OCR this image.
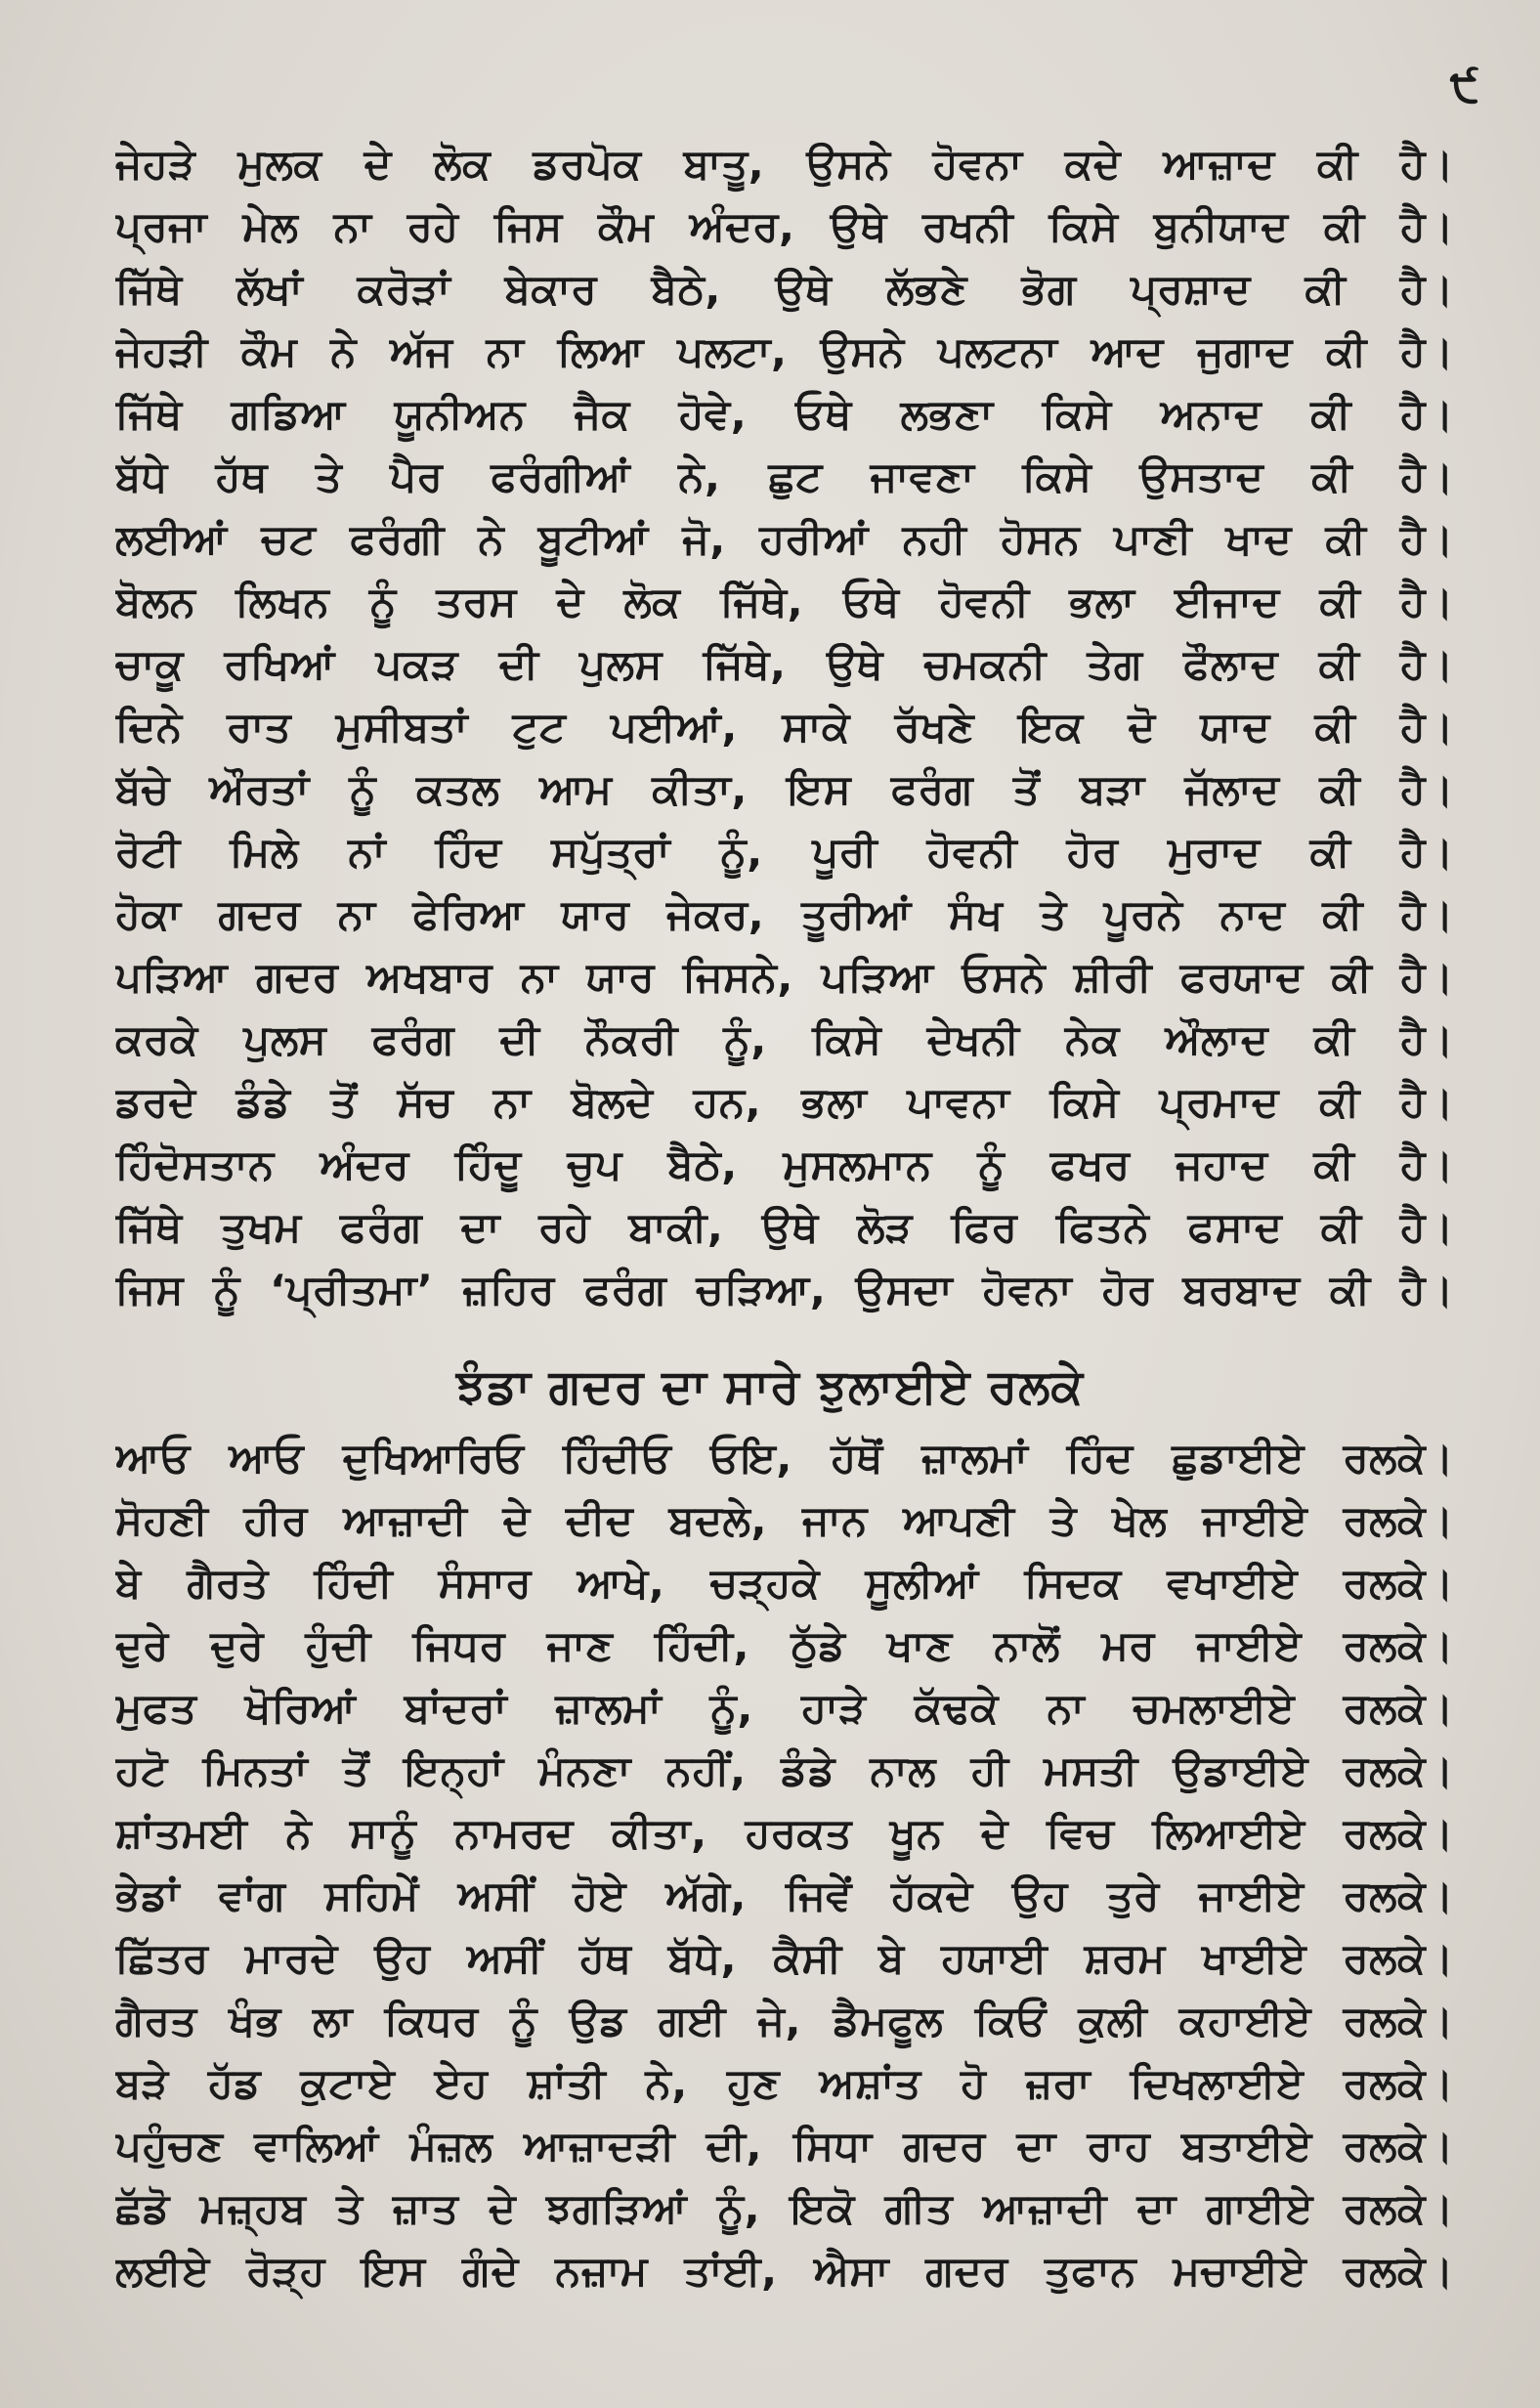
੯
ਜੇਹੜੇ ਮੁਲਕ ਦੇ ਲੋਕ ਡਰਪੋਕ ਬਾਤੂ, ਉਸਨੇ ਹੋਵਨਾ ਕਦੇ ਆਜ਼ਾਦ ਕੀ ਹੈ।
ਪ੍ਰਜਾ ਮੇਲ ਨਾ ਰਹੇ ਜਿਸ ਕੌਮ ਅੰਦਰ, ਉਥੇ ਰਖਨੀ ਕਿਸੇ ਬੁਨੀਯਾਦ ਕੀ ਹੈ।
ਜਿੱਥੇ ਲੱਖਾਂ ਕਰੋੜਾਂ ਬੇਕਾਰ ਬੈਠੇ, ਉਥੇ ਲੱਭਣੇ ਭੋਗ ਪ੍ਰਸ਼ਾਦ ਕੀ ਹੈ।
ਜੇਹੜੀ ਕੌਮ ਨੇ ਅੱਜ ਨਾ ਲਿਆ ਪਲਟਾ, ਉਸਨੇ ਪਲਟਨਾ ਆਦ ਜੁਗਾਦ ਕੀ ਹੈ।
ਜਿੱਥੇ ਗਡਿਆ ਯੂਨੀਅਨ ਜੈਕ ਹੋਵੇ, ਓਥੇ ਲਭਣਾ ਕਿਸੇ ਅਨਾਦ ਕੀ ਹੈ।
ਬੱਧੇ ਹੱਥ ਤੇ ਪੈਰ ਫਰੰਗੀਆਂ ਨੇ, ਛੁਟ ਜਾਵਣਾ ਕਿਸੇ ਉਸਤਾਦ ਕੀ ਹੈ।
ਲਈਆਂ ਚਟ ਫਰੰਗੀ ਨੇ ਬੂਟੀਆਂ ਜੋ, ਹਰੀਆਂ ਨਹੀ ਹੋਸਨ ਪਾਣੀ ਖਾਦ ਕੀ ਹੈ।
ਬੋਲਨ ਲਿਖਨ ਨੂੰ ਤਰਸ ਦੇ ਲੋਕ ਜਿੱਥੇ, ਓਥੇ ਹੋਵਨੀ ਭਲਾ ਈਜਾਦ ਕੀ ਹੈ।
ਚਾਕੂ ਰਖਿਆਂ ਪਕੜ ਦੀ ਪੁਲਸ ਜਿੱਥੇ, ਉਥੇ ਚਮਕਨੀ ਤੇਗ ਫੌਲਾਦ ਕੀ ਹੈ।
ਦਿਨੇ ਰਾਤ ਮੁਸੀਬਤਾਂ ਟੁਟ ਪਈਆਂ, ਸਾਕੇ ਰੱਖਣੇ ਇਕ ਦੋ ਯਾਦ ਕੀ ਹੈ।
ਬੱਚੇ ਔਰਤਾਂ ਨੂੰ ਕਤਲ ਆਮ ਕੀਤਾ, ਇਸ ਫਰੰਗ ਤੋਂ ਬੜਾ ਜੱਲਾਦ ਕੀ ਹੈ।
ਰੋਟੀ ਮਿਲੇ ਨਾਂ ਹਿੰਦ ਸਪੁੱਤ੍ਰਾਂ ਨੂੰ, ਪੂਰੀ ਹੋਵਨੀ ਹੋਰ ਮੁਰਾਦ ਕੀ ਹੈ।
ਹੋਕਾ ਗਦਰ ਨਾ ਫੇਰਿਆ ਯਾਰ ਜੇਕਰ, ਤੂਰੀਆਂ ਸੰਖ ਤੇ ਪੂਰਨੇ ਨਾਦ ਕੀ ਹੈ।
ਪੜਿਆ ਗਦਰ ਅਖਬਾਰ ਨਾ ਯਾਰ ਜਿਸਨੇ, ਪੜਿਆ ਓਸਨੇ ਸ਼ੀਰੀ ਫਰਯਾਦ ਕੀ ਹੈ।
ਕਰਕੇ ਪੁਲਸ ਫਰੰਗ ਦੀ ਨੌਕਰੀ ਨੂੰ, ਕਿਸੇ ਦੇਖਨੀ ਨੇਕ ਔਲਾਦ ਕੀ ਹੈ।
ਡਰਦੇ ਡੰਡੇ ਤੋਂ ਸੱਚ ਨਾ ਬੋਲਦੇ ਹਨ, ਭਲਾ ਪਾਵਨਾ ਕਿਸੇ ਪ੍ਰਮਾਦ ਕੀ ਹੈ।
ਹਿੰਦੋਸਤਾਨ ਅੰਦਰ ਹਿੰਦੂ ਚੁਪ ਬੈਠੇ, ਮੁਸਲਮਾਨ ਨੂੰ ਫਖਰ ਜਹਾਦ ਕੀ ਹੈ।
ਜਿੱਥੇ ਤੁਖਮ ਫਰੰਗ ਦਾ ਰਹੇ ਬਾਕੀ, ਉਥੇ ਲੋੜ ਫਿਰ ਫਿਤਨੇ ਫਸਾਦ ਕੀ ਹੈ।
ਜਿਸ ਨੂੰ ‘ਪ੍ਰੀਤਮਾ’ ਜ਼ਹਿਰ ਫਰੰਗ ਚੜਿਆ, ਉਸਦਾ ਹੋਵਨਾ ਹੋਰ ਬਰਬਾਦ ਕੀ ਹੈ।
ਝੰਡਾ ਗਦਰ ਦਾ ਸਾਰੇ ਝੁਲਾਈਏ ਰਲਕੇ
ਆਓ ਆਓ ਦੁਖਿਆਰਿਓ ਹਿੰਦੀਓ ਓਇ, ਹੱਥੋਂ ਜ਼ਾਲਮਾਂ ਹਿੰਦ ਛੁਡਾਈਏ ਰਲਕੇ।
ਸੋਹਣੀ ਹੀਰ ਆਜ਼ਾਦੀ ਦੇ ਦੀਦ ਬਦਲੇ, ਜਾਨ ਆਪਣੀ ਤੇ ਖੇਲ ਜਾਈਏ ਰਲਕੇ।
ਬੇ ਗੈਰਤੇ ਹਿੰਦੀ ਸੰਸਾਰ ਆਖੇ, ਚੜ੍ਹਕੇ ਸੂਲੀਆਂ ਸਿਦਕ ਵਖਾਈਏ ਰਲਕੇ।
ਦੁਰੇ ਦੁਰੇ ਹੁੰਦੀ ਜਿਧਰ ਜਾਣ ਹਿੰਦੀ, ਠੁੱਡੇ ਖਾਣ ਨਾਲੋਂ ਮਰ ਜਾਈਏ ਰਲਕੇ।
ਮੁਫਤ ਖੋਰਿਆਂ ਬਾਂਦਰਾਂ ਜ਼ਾਲਮਾਂ ਨੂੰ, ਹਾੜੇ ਕੱਢਕੇ ਨਾ ਚਮਲਾਈਏ ਰਲਕੇ।
ਹਟੋ ਮਿਨਤਾਂ ਤੋਂ ਇਨ੍ਹਾਂ ਮੰਨਣਾ ਨਹੀਂ, ਡੰਡੇ ਨਾਲ ਹੀ ਮਸਤੀ ਉਡਾਈਏ ਰਲਕੇ।
ਸ਼ਾਂਤਮਈ ਨੇ ਸਾਨੂੰ ਨਾਮਰਦ ਕੀਤਾ, ਹਰਕਤ ਖੂਨ ਦੇ ਵਿਚ ਲਿਆਈਏ ਰਲਕੇ।
ਭੇਡਾਂ ਵਾਂਗ ਸਹਿਮੇਂ ਅਸੀਂ ਹੋਏ ਅੱਗੇ, ਜਿਵੇਂ ਹੱਕਦੇ ਉਹ ਤੁਰੇ ਜਾਈਏ ਰਲਕੇ।
ਛਿੱਤਰ ਮਾਰਦੇ ਉਹ ਅਸੀਂ ਹੱਥ ਬੱਧੇ, ਕੈਸੀ ਬੇ ਹਯਾਈ ਸ਼ਰਮ ਖਾਈਏ ਰਲਕੇ।
ਗੈਰਤ ਖੰਭ ਲਾ ਕਿਧਰ ਨੂੰ ਉਡ ਗਈ ਜੇ, ਡੈਮਫੂਲ ਕਿਓਂ ਕੁਲੀ ਕਹਾਈਏ ਰਲਕੇ।
ਬੜੇ ਹੱਡ ਕੁਟਾਏ ਏਹ ਸ਼ਾਂਤੀ ਨੇ, ਹੁਣ ਅਸ਼ਾਂਤ ਹੋ ਜ਼ਰਾ ਦਿਖਲਾਈਏ ਰਲਕੇ।
ਪਹੁੰਚਣ ਵਾਲਿਆਂ ਮੰਜ਼ਲ ਆਜ਼ਾਦੜੀ ਦੀ, ਸਿਧਾ ਗਦਰ ਦਾ ਰਾਹ ਬਤਾਈਏ ਰਲਕੇ।
ਛੱਡੋ ਮਜ਼੍ਹਬ ਤੇ ਜ਼ਾਤ ਦੇ ਝਗੜਿਆਂ ਨੂੰ, ਇਕੋ ਗੀਤ ਆਜ਼ਾਦੀ ਦਾ ਗਾਈਏ ਰਲਕੇ।
ਲਈਏ ਰੋੜ੍ਹ ਇਸ ਗੰਦੇ ਨਜ਼ਾਮ ਤਾਂਈ, ਐਸਾ ਗਦਰ ਤੁਫਾਨ ਮਚਾਈਏ ਰਲਕੇ।
